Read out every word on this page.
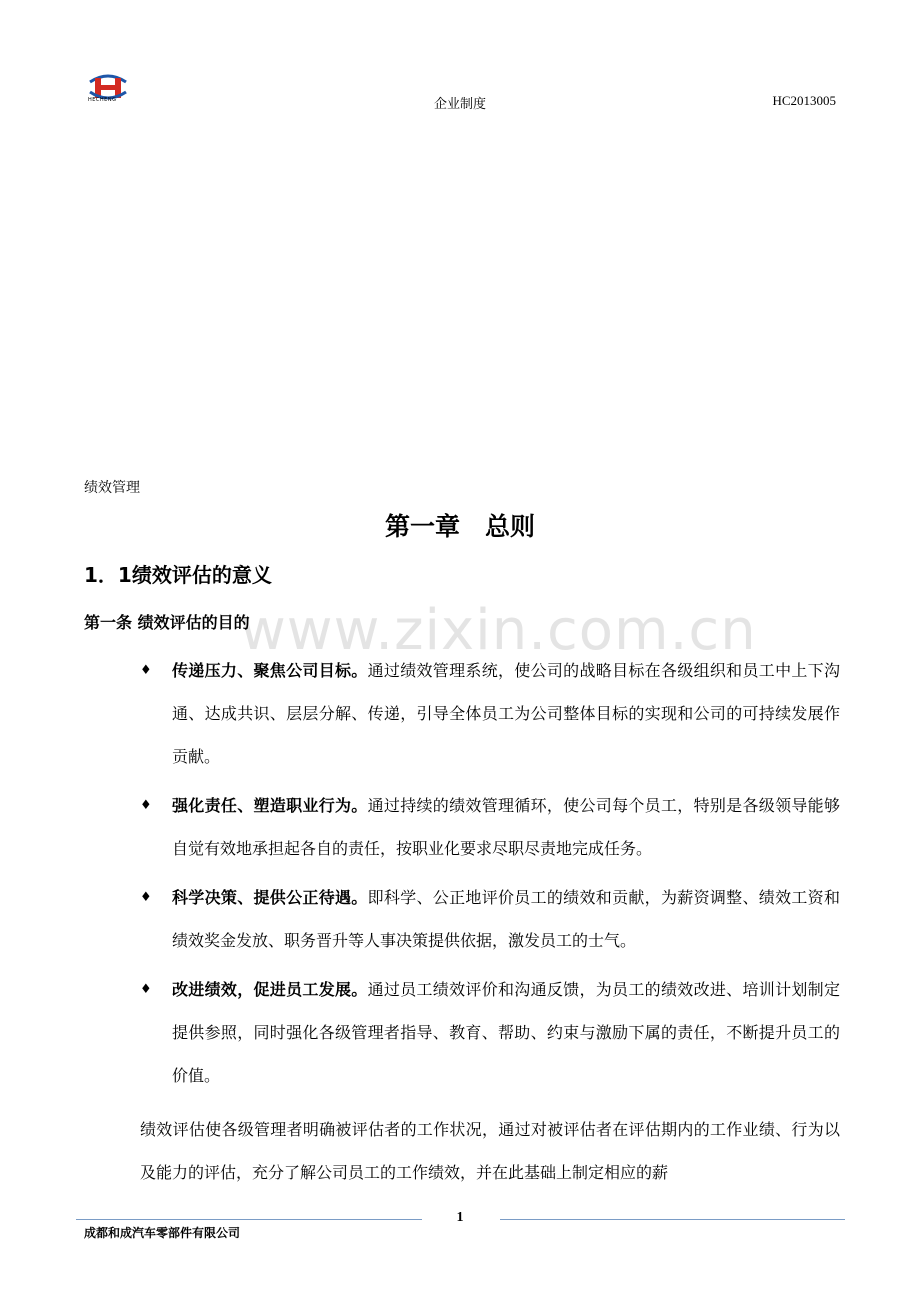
HECHENG	企业制度	HC2013005
www.zixin.com.cn
绩效管理
第一章　总则
1．1绩效评估的意义
第一条 绩效评估的目的
♦ 传递压力、聚焦公司目标。通过绩效管理系统，使公司的战略目标在各级组织和员工中上下沟通、达成共识、层层分解、传递，引导全体员工为公司整体目标的实现和公司的可持续发展作贡献。
♦ 强化责任、塑造职业行为。通过持续的绩效管理循环，使公司每个员工，特别是各级领导能够自觉有效地承担起各自的责任，按职业化要求尽职尽责地完成任务。
♦ 科学决策、提供公正待遇。即科学、公正地评价员工的绩效和贡献，为薪资调整、绩效工资和绩效奖金发放、职务晋升等人事决策提供依据，激发员工的士气。
♦ 改进绩效，促进员工发展。通过员工绩效评价和沟通反馈，为员工的绩效改进、培训计划制定提供参照，同时强化各级管理者指导、教育、帮助、约束与激励下属的责任，不断提升员工的价值。

绩效评估使各级管理者明确被评估者的工作状况，通过对被评估者在评估期内的工作业绩、行为以及能力的评估，充分了解公司员工的工作绩效，并在此基础上制定相应的薪

1
成都和成汽车零部件有限公司
